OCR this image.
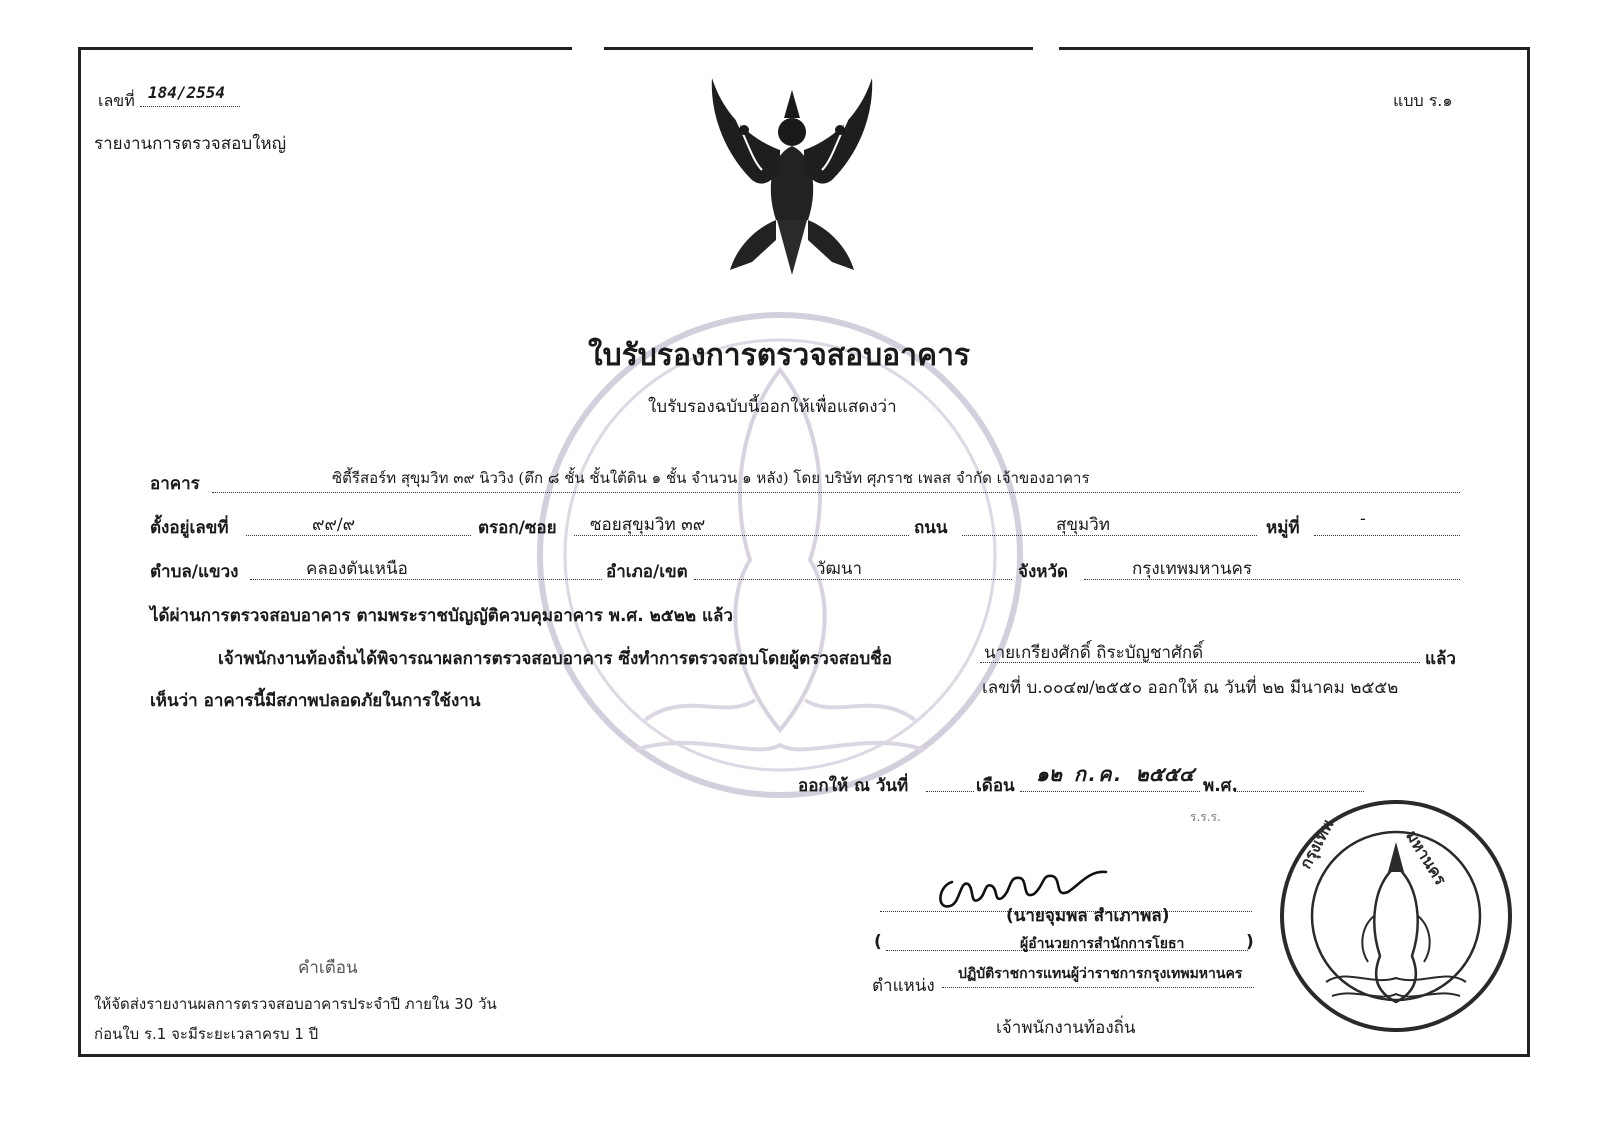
เลขที่ 184/2554	แบบ ร.๑
รายงานการตรวจสอบใหญ่
ใบรับรองการตรวจสอบอาคาร
ใบรับรองฉบับนี้ออกให้เพื่อแสดงว่า
อาคาร	ซิตี้รีสอร์ท สุขุมวิท ๓๙ นิววิง (ตึก ๘ ชั้น ชั้นใต้ดิน ๑ ชั้น จำนวน ๑ หลัง) โดย บริษัท ศุภราช เพลส จำกัด เจ้าของอาคาร
ตั้งอยู่เลขที่	๙๙/๙	ตรอก/ซอย ซอยสุขุมวิท ๓๙	ถนน	สุขุมวิท	หมู่ที่	-
ตำบล/แขวง	คลองตันเหนือ	อำเภอ/เขต	วัฒนา	จังหวัด	กรุงเทพมหานคร
ได้ผ่านการตรวจสอบอาคาร ตามพระราชบัญญัติควบคุมอาคาร พ.ศ. ๒๕๒๒ แล้ว
เจ้าพนักงานท้องถิ่นได้พิจารณาผลการตรวจสอบอาคาร ซึ่งทำการตรวจสอบโดยผู้ตรวจสอบชื่อ	นายเกรียงศักดิ์ ถิระบัญชาศักดิ์	แล้ว
เลขที่ บ.๐๐๔๗/๒๕๕๐ ออกให้ ณ วันที่ ๒๒ มีนาคม ๒๕๕๒
เห็นว่า อาคารนี้มีสภาพปลอดภัยในการใช้งาน
ออกให้ ณ วันที่	เดือน ๑๒ ก.ค. ๒๕๕๔ พ.ศ.
ร.ร.ร.
(นายจุมพล สำเภาพล)
(	ผู้อำนวยการสำนักการโยธา	)
ตำแหน่ง
ปฏิบัติราชการแทนผู้ว่าราชการกรุงเทพมหานคร
เจ้าพนักงานท้องถิ่น
คำเตือน
ให้จัดส่งรายงานผลการตรวจสอบอาคารประจำปี ภายใน 30 วัน
ก่อนใบ ร.1 จะมีระยะเวลาครบ 1 ปี
กรุงเทพ	มหานคร
